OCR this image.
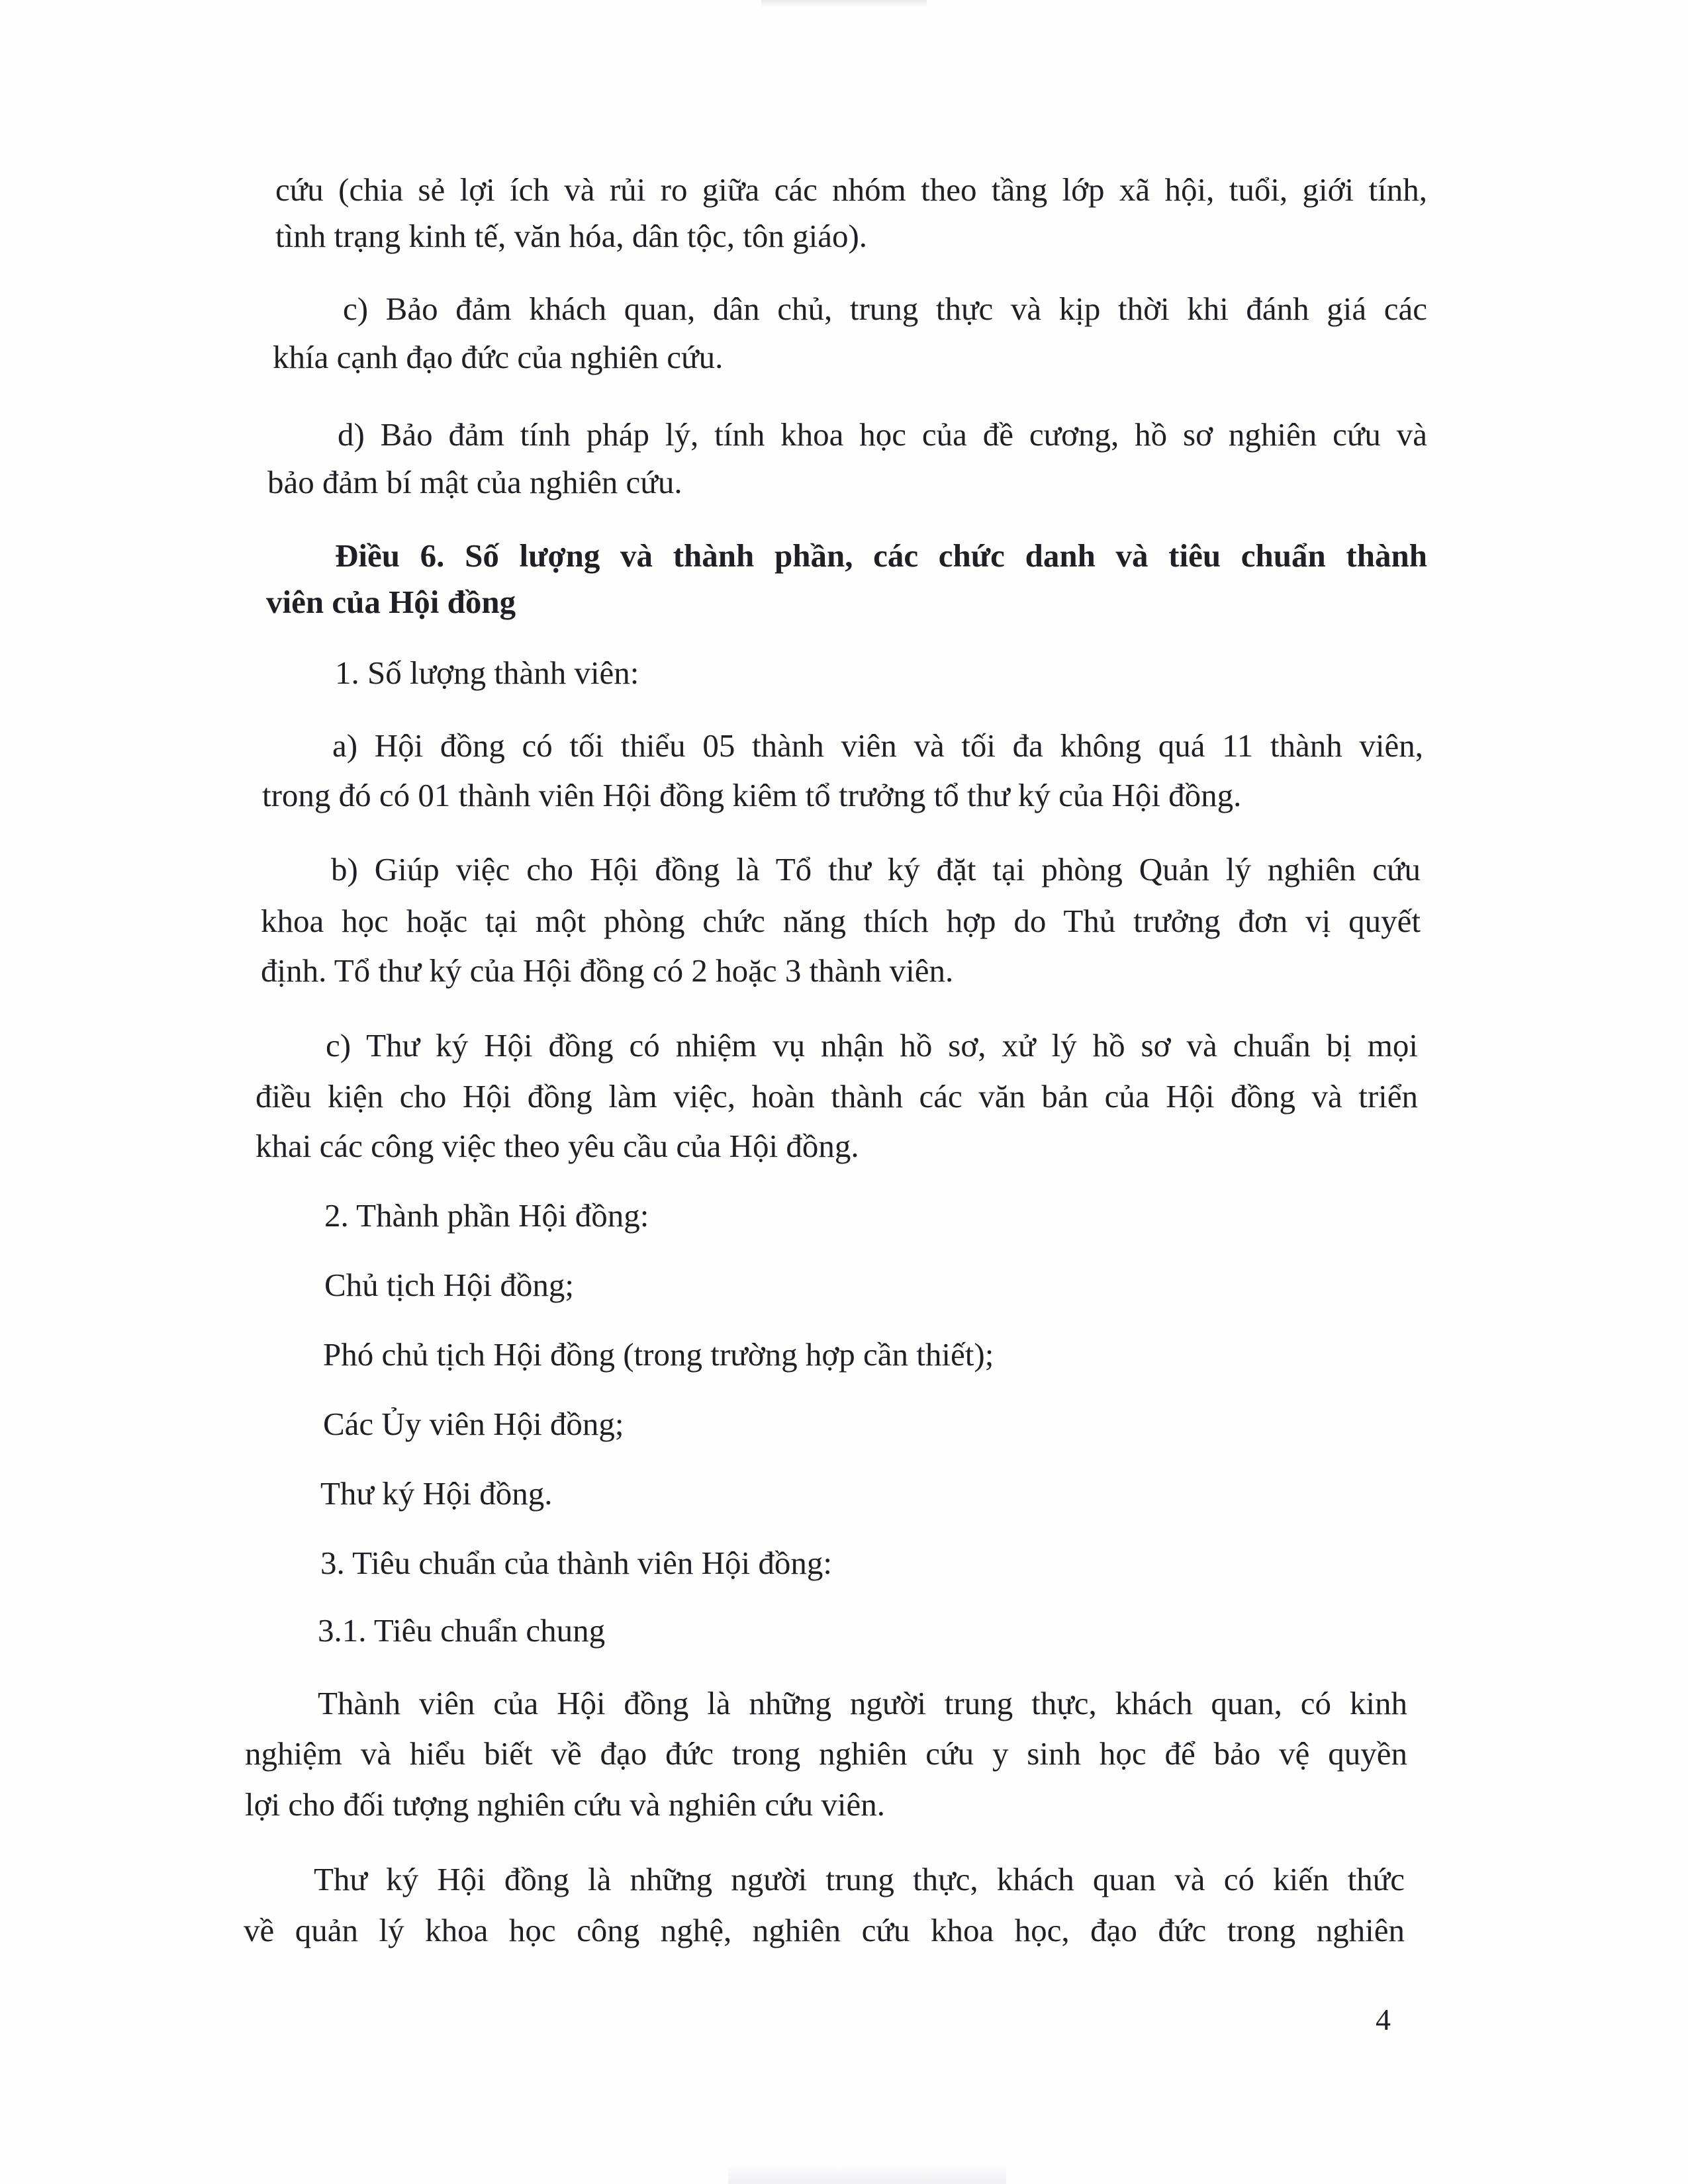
cứu (chia sẻ lợi ích và rủi ro giữa các nhóm theo tầng lớp xã hội, tuổi, giới tính,

tình trạng kinh tế, văn hóa, dân tộc, tôn giáo).

c) Bảo đảm khách quan, dân chủ, trung thực và kịp thời khi đánh giá các

khía cạnh đạo đức của nghiên cứu.

d) Bảo đảm tính pháp lý, tính khoa học của đề cương, hồ sơ nghiên cứu và

bảo đảm bí mật của nghiên cứu.

Điều 6. Số lượng và thành phần, các chức danh và tiêu chuẩn thành

viên của Hội đồng

1. Số lượng thành viên:

a) Hội đồng có tối thiểu 05 thành viên và tối đa không quá 11 thành viên,

trong đó có 01 thành viên Hội đồng kiêm tổ trưởng tổ thư ký của Hội đồng.

b) Giúp việc cho Hội đồng là Tổ thư ký đặt tại phòng Quản lý nghiên cứu

khoa học hoặc tại một phòng chức năng thích hợp do Thủ trưởng đơn vị quyết

định. Tổ thư ký của Hội đồng có 2 hoặc 3 thành viên.

c) Thư ký Hội đồng có nhiệm vụ nhận hồ sơ, xử lý hồ sơ và chuẩn bị mọi

điều kiện cho Hội đồng làm việc, hoàn thành các văn bản của Hội đồng và triển

khai các công việc theo yêu cầu của Hội đồng.

2. Thành phần Hội đồng:

Chủ tịch Hội đồng;

Phó chủ tịch Hội đồng (trong trường hợp cần thiết);

Các Ủy viên Hội đồng;

Thư ký Hội đồng.

3. Tiêu chuẩn của thành viên Hội đồng:

3.1. Tiêu chuẩn chung

Thành viên của Hội đồng là những người trung thực, khách quan, có kinh

nghiệm và hiểu biết về đạo đức trong nghiên cứu y sinh học để bảo vệ quyền

lợi cho đối tượng nghiên cứu và nghiên cứu viên.

Thư ký Hội đồng là những người trung thực, khách quan và có kiến thức

về quản lý khoa học công nghệ, nghiên cứu khoa học, đạo đức trong nghiên

4
